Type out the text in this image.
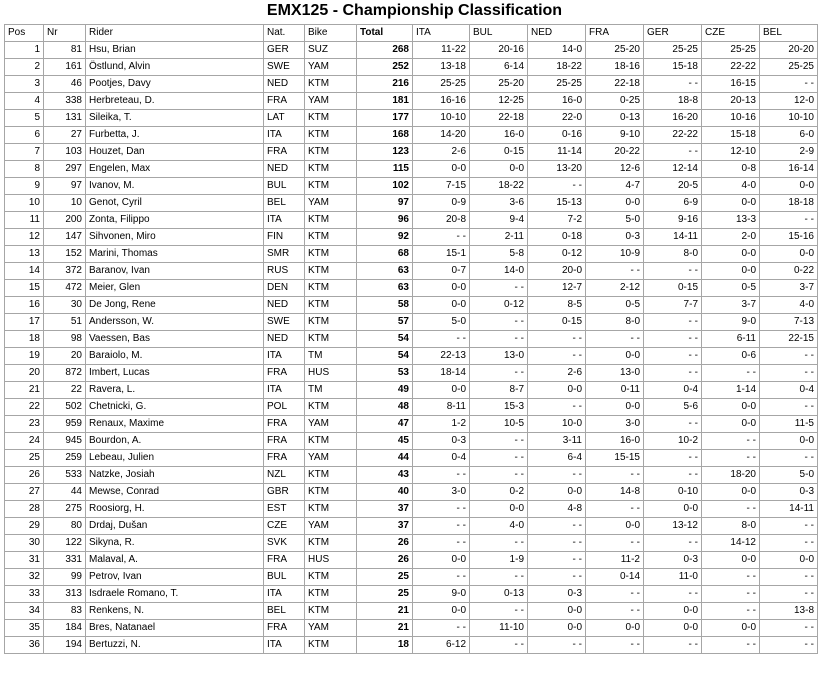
EMX125 - Championship Classification
Pos	Nr	Rider	Nat.	Bike	Total	ITA	BUL	NED	FRA	GER	CZE	BEL
1	81	Hsu, Brian	GER	SUZ	268	11-22	20-16	14-0	25-20	25-25	25-25	20-20
2	161	Östlund, Alvin	SWE	YAM	252	13-18	6-14	18-22	18-16	15-18	22-22	25-25
3	46	Pootjes, Davy	NED	KTM	216	25-25	25-20	25-25	22-18	- -	16-15	- -
4	338	Herbreteau, D.	FRA	YAM	181	16-16	12-25	16-0	0-25	18-8	20-13	12-0
5	131	Sileika, T.	LAT	KTM	177	10-10	22-18	22-0	0-13	16-20	10-16	10-10
6	27	Furbetta, J.	ITA	KTM	168	14-20	16-0	0-16	9-10	22-22	15-18	6-0
7	103	Houzet, Dan	FRA	KTM	123	2-6	0-15	11-14	20-22	- -	12-10	2-9
8	297	Engelen, Max	NED	KTM	115	0-0	0-0	13-20	12-6	12-14	0-8	16-14
9	97	Ivanov, M.	BUL	KTM	102	7-15	18-22	- -	4-7	20-5	4-0	0-0
10	10	Genot, Cyril	BEL	YAM	97	0-9	3-6	15-13	0-0	6-9	0-0	18-18
11	200	Zonta, Filippo	ITA	KTM	96	20-8	9-4	7-2	5-0	9-16	13-3	- -
12	147	Sihvonen, Miro	FIN	KTM	92	- -	2-11	0-18	0-3	14-11	2-0	15-16
13	152	Marini, Thomas	SMR	KTM	68	15-1	5-8	0-12	10-9	8-0	0-0	0-0
14	372	Baranov, Ivan	RUS	KTM	63	0-7	14-0	20-0	- -	- -	0-0	0-22
15	472	Meier, Glen	DEN	KTM	63	0-0	- -	12-7	2-12	0-15	0-5	3-7
16	30	De Jong, Rene	NED	KTM	58	0-0	0-12	8-5	0-5	7-7	3-7	4-0
17	51	Andersson, W.	SWE	KTM	57	5-0	- -	0-15	8-0	- -	9-0	7-13
18	98	Vaessen, Bas	NED	KTM	54	- -	- -	- -	- -	- -	6-11	22-15
19	20	Baraiolo, M.	ITA	TM	54	22-13	13-0	- -	0-0	- -	0-6	- -
20	872	Imbert, Lucas	FRA	HUS	53	18-14	- -	2-6	13-0	- -	- -	- -
21	22	Ravera, L.	ITA	TM	49	0-0	8-7	0-0	0-11	0-4	1-14	0-4
22	502	Chetnicki, G.	POL	KTM	48	8-11	15-3	- -	0-0	5-6	0-0	- -
23	959	Renaux, Maxime	FRA	YAM	47	1-2	10-5	10-0	3-0	- -	0-0	11-5
24	945	Bourdon, A.	FRA	KTM	45	0-3	- -	3-11	16-0	10-2	- -	0-0
25	259	Lebeau, Julien	FRA	YAM	44	0-4	- -	6-4	15-15	- -	- -	- -
26	533	Natzke, Josiah	NZL	KTM	43	- -	- -	- -	- -	- -	18-20	5-0
27	44	Mewse, Conrad	GBR	KTM	40	3-0	0-2	0-0	14-8	0-10	0-0	0-3
28	275	Roosiorg, H.	EST	KTM	37	- -	0-0	4-8	- -	0-0	- -	14-11
29	80	Drdaj, Dušan	CZE	YAM	37	- -	4-0	- -	0-0	13-12	8-0	- -
30	122	Sikyna, R.	SVK	KTM	26	- -	- -	- -	- -	- -	14-12	- -
31	331	Malaval, A.	FRA	HUS	26	0-0	1-9	- -	11-2	0-3	0-0	0-0
32	99	Petrov, Ivan	BUL	KTM	25	- -	- -	- -	0-14	11-0	- -	- -
33	313	Isdraele Romano, T.	ITA	KTM	25	9-0	0-13	0-3	- -	- -	- -	- -
34	83	Renkens, N.	BEL	KTM	21	0-0	- -	0-0	- -	0-0	- -	13-8
35	184	Bres, Natanael	FRA	YAM	21	- -	11-10	0-0	0-0	0-0	0-0	- -
36	194	Bertuzzi, N.	ITA	KTM	18	6-12	- -	- -	- -	- -	- -	- -
